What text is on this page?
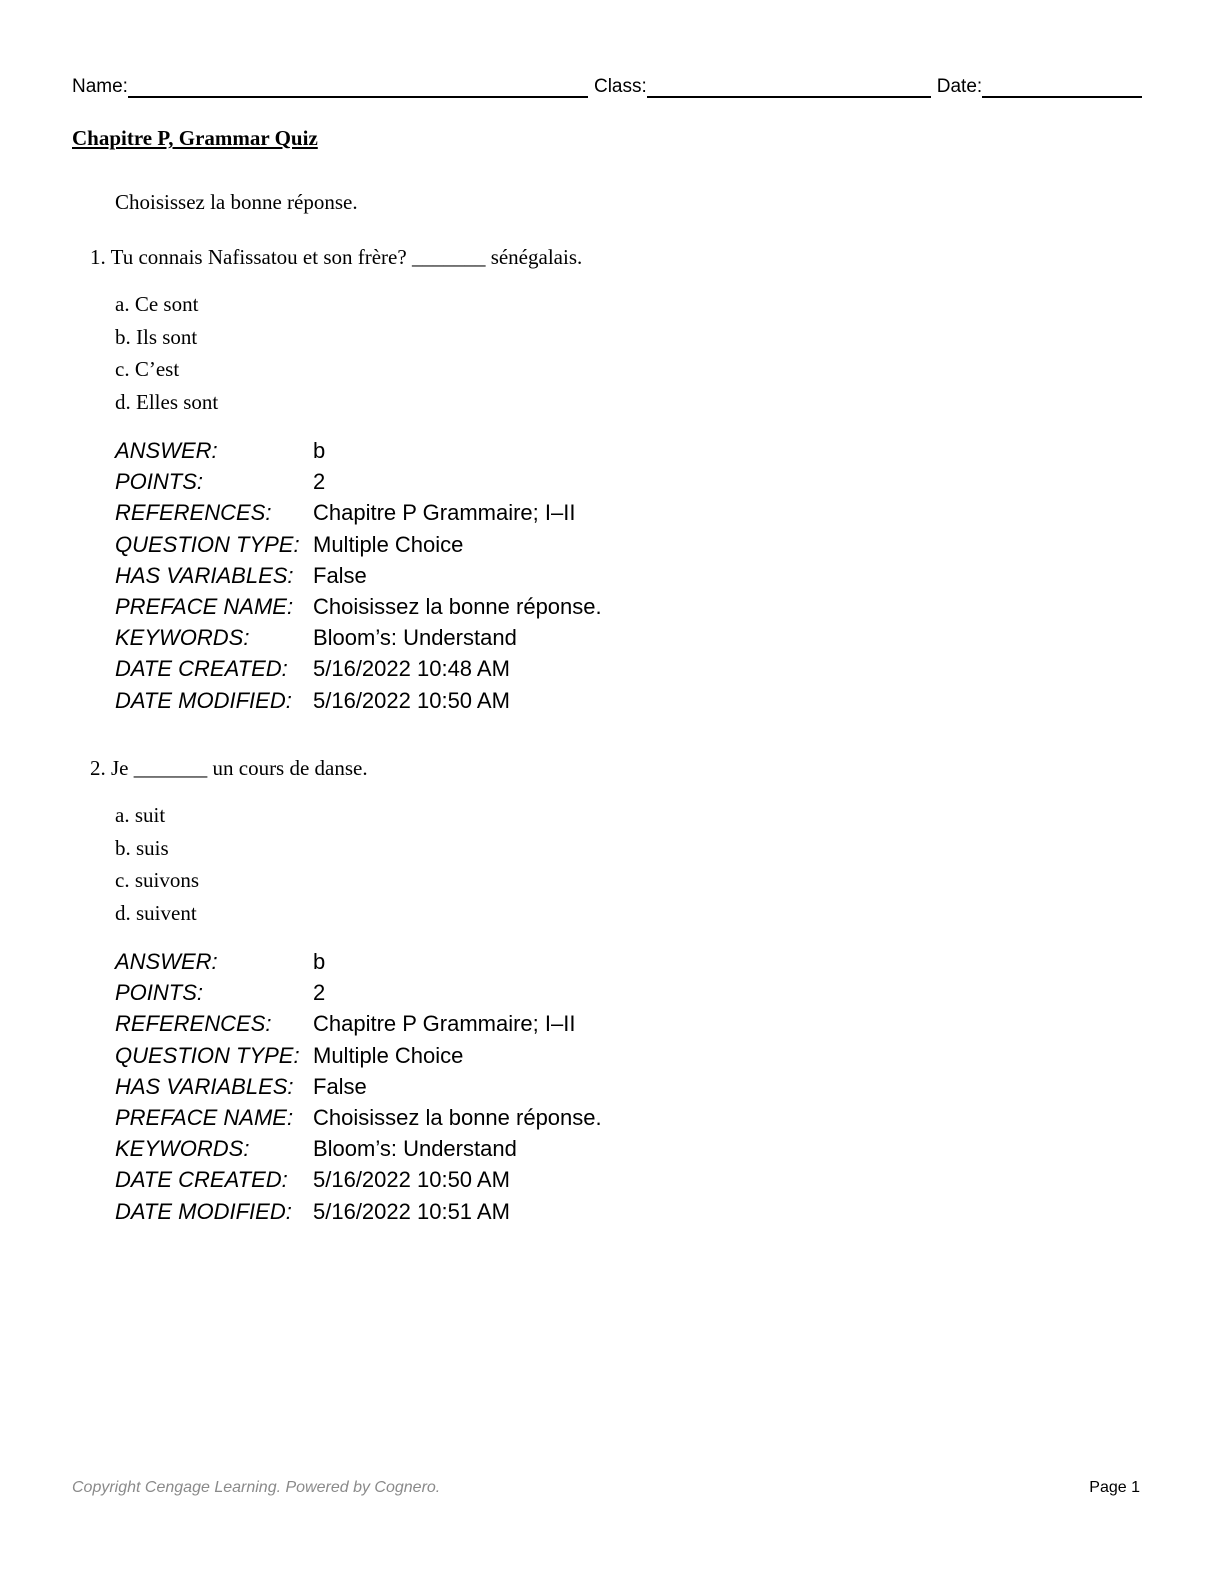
Name:	Class:	Date:
Chapitre P, Grammar Quiz
Choisissez la bonne réponse.
1. Tu connais Nafissatou et son frère? _______ sénégalais.
a. Ce sont
b. Ils sont
c. C’est
d. Elles sont
ANSWER:	b
POINTS:	2
REFERENCES:	Chapitre P Grammaire; I–II
QUESTION TYPE: Multiple Choice
HAS VARIABLES: False
PREFACE NAME: Choisissez la bonne réponse.
KEYWORDS:	Bloom’s: Understand
DATE CREATED:	5/16/2022 10:48 AM
DATE MODIFIED: 5/16/2022 10:50 AM
2. Je _______ un cours de danse.
a. suit
b. suis
c. suivons
d. suivent
ANSWER:	b
POINTS:	2
REFERENCES:	Chapitre P Grammaire; I–II
QUESTION TYPE: Multiple Choice
HAS VARIABLES: False
PREFACE NAME: Choisissez la bonne réponse.
KEYWORDS:	Bloom’s: Understand
DATE CREATED:	5/16/2022 10:50 AM
DATE MODIFIED: 5/16/2022 10:51 AM
Copyright Cengage Learning. Powered by Cognero.	Page 1
